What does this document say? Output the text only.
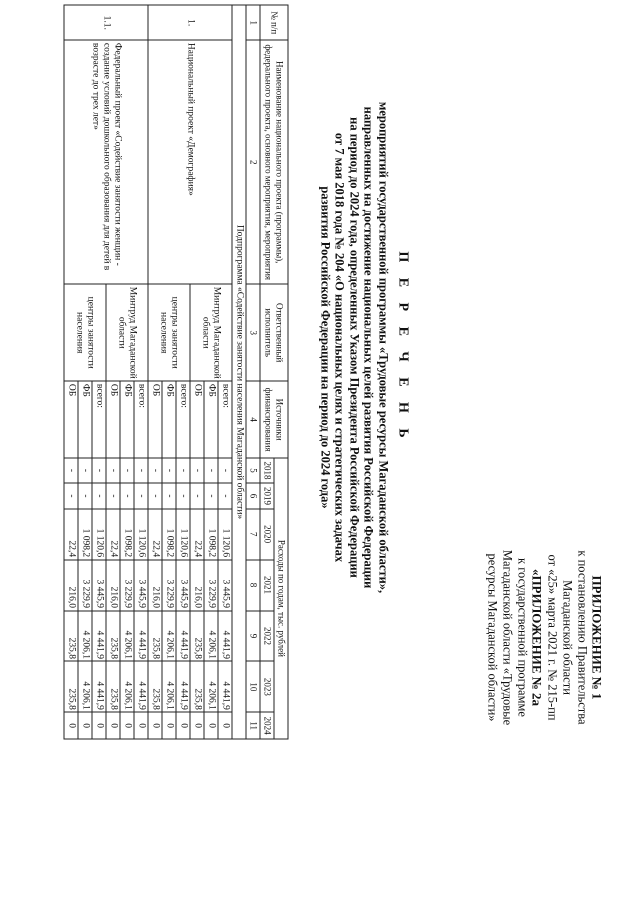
ПРИЛОЖЕНИЕ № 1
к постановлению Правительства
Магаданской области
от «25» марта 2021 г. № 215-пп
«ПРИЛОЖЕНИЕ № 2а
к государственной программе
Магаданской области «Трудовые
ресурсы Магаданской области»
П Е Р Е Ч Е Н Ь
мероприятий государственной программы «Трудовые ресурсы Магаданской области»,
направленных на достижение национальных целей развития Российской Федерации
на период до 2024 года, определенных Указом Президента Российской Федерации
от 7 мая 2018 года № 204 «О национальных целях и стратегических задачах
развития Российской Федерации на период до 2024 года»
№ п/п	Наименование национального проекта (программы), федерального проекта, основного мероприятия, мероприятия	Ответственный исполнитель	Источники финансирования	Расходы по годам, тыс. рублей						
				2018	2019	2020	2021	2022	2023	2024
1	2	3	4	5	6	7	8	9	10	11
Подпрограмма «Содействие занятости населения Магаданской области»										
1.	Национальный проект «Демография»	Минтруд Магаданской области	всего:	-	-	1 120,6	3 445,9	4 441,9	4 441,9	0
			ФБ	-	-	1 098,2	3 229,9	4 206,1	4 206,1	0
			ОБ	-	-	22,4	216,0	235,8	235,8	0
		центры занятости населения	всего:	-	-	1 120,6	3 445,9	4 441,9	4 441,9	0
			ФБ	-	-	1 098,2	3 229,9	4 206,1	4 206,1	0
			ОБ	-	-	22,4	216,0	235,8	235,8	0
1.1.	Федеральный проект «Содействие занятости женщин - создание условий дошкольного образования для детей в возрасте до трех лет»	Минтруд Магаданской области	всего:	-	-	1 120,6	3 445,9	4 441,9	4 441,9	0
			ФБ	-	-	1 098,2	3 229,9	4 206,1	4 206,1	0
			ОБ	-	-	22,4	216,0	235,8	235,8	0
		центры занятости населения	всего:	-	-	1 120,6	3 445,9	4 441,9	4 441,9	0
			ФБ	-	-	1 098,2	3 229,9	4 206,1	4 206,1	0
			ОБ	-	-	22,4	216,0	235,8	235,8	0
